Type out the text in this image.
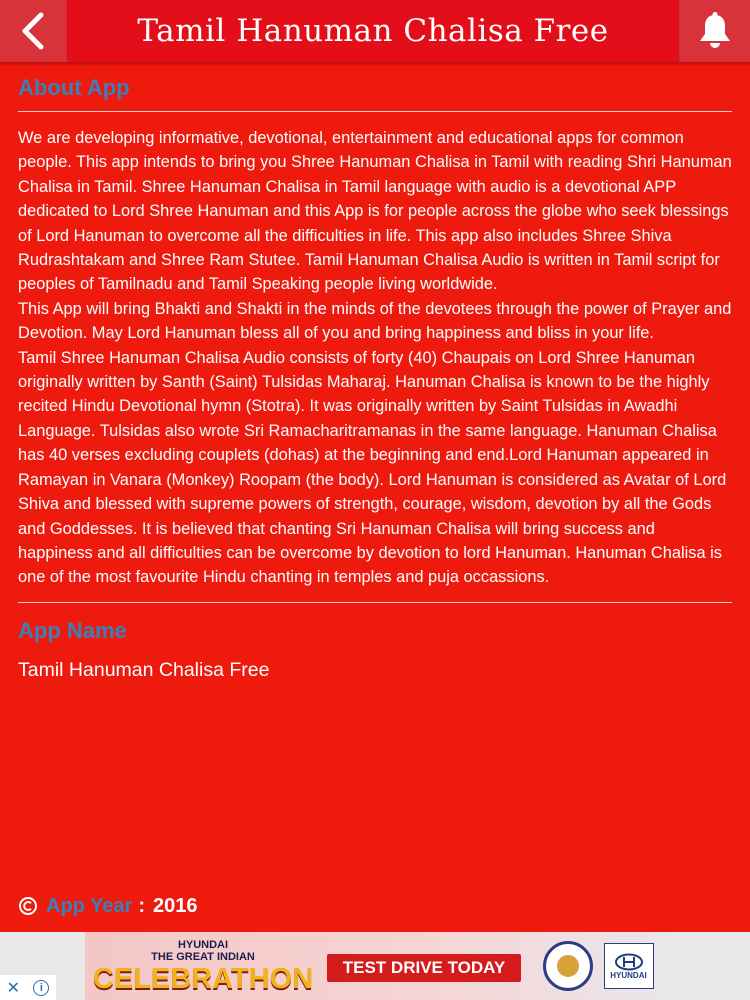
Tamil Hanuman Chalisa Free
About App

We are developing informative, devotional, entertainment and educational apps for common people. This app intends to bring you Shree Hanuman Chalisa in Tamil with reading Shri Hanuman Chalisa in Tamil. Shree Hanuman Chalisa in Tamil language with audio is a devotional APP dedicated to Lord Shree Hanuman and this App is for people across the globe who seek blessings of Lord Hanuman to overcome all the difficulties in life. This app also includes Shree Shiva Rudrashtakam and Shree Ram Stutee. Tamil Hanuman Chalisa Audio is written in Tamil script for peoples of Tamilnadu and Tamil Speaking people living worldwide.

This App will bring Bhakti and Shakti in the minds of the devotees through the power of Prayer and Devotion. May Lord Hanuman bless all of you and bring happiness and bliss in your life.

Tamil Shree Hanuman Chalisa Audio consists of forty (40) Chaupais on Lord Shree Hanuman originally written by Santh (Saint) Tulsidas Maharaj. Hanuman Chalisa is known to be the highly recited Hindu Devotional hymn (Stotra). It was originally written by Saint Tulsidas in Awadhi Language. Tulsidas also wrote Sri Ramacharitramanas in the same language. Hanuman Chalisa has 40 verses excluding couplets (dohas) at the beginning and end.Lord Hanuman appeared in Ramayan in Vanara (Monkey) Roopam (the body). Lord Hanuman is considered as Avatar of Lord Shiva and blessed with supreme powers of strength, courage, wisdom, devotion by all the Gods and Goddesses. It is believed that chanting Sri Hanuman Chalisa will bring success and happiness and all difficulties can be overcome by devotion to lord Hanuman. Hanuman Chalisa is one of the most favourite Hindu chanting in temples and puja occassions.

App Name
Tamil Hanuman Chalisa Free
App Year : 2016
HYUNDAI
THE GREAT INDIAN
CELEBRATHON	TEST DRIVE TODAY	HYUNDAI
✕	i
